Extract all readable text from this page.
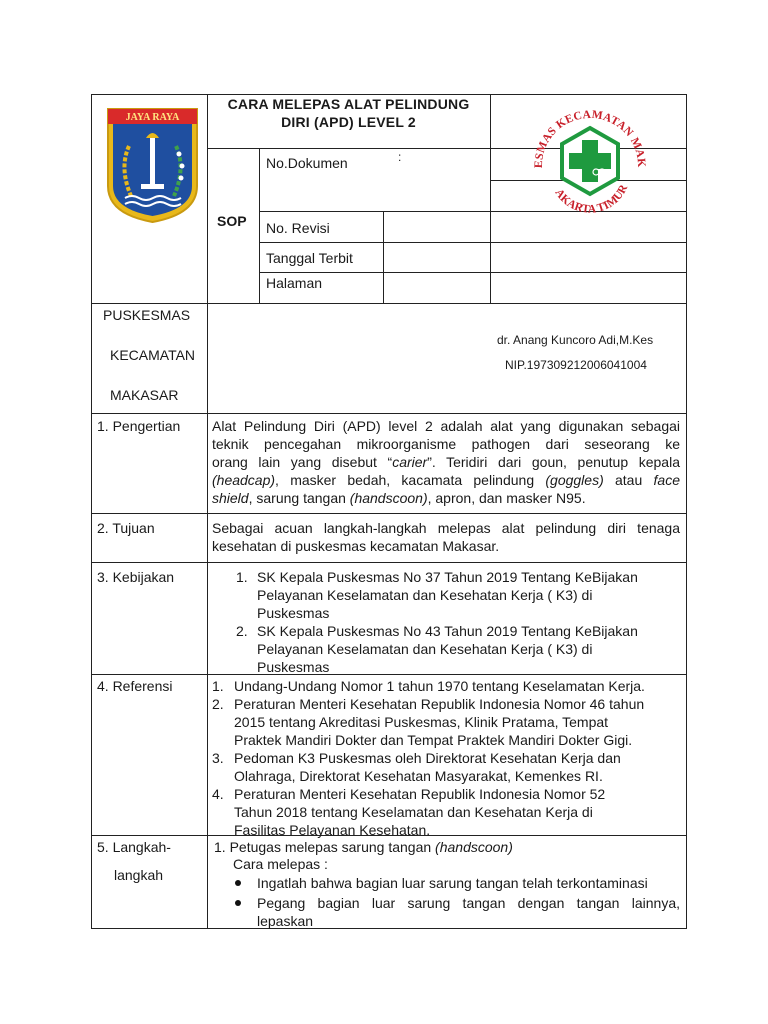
JAYA RAYA
CARA MELEPAS ALAT PELINDUNG
DIRI (APD) LEVEL 2
SOP
No.Dokumen	:
No. Revisi
Tanggal Terbit
Halaman
ESMAS KECAMATAN MAK
AKARTA TIMUR
PUSKESMAS
KECAMATAN
MAKASAR
dr. Anang Kuncoro Adi,M.Kes
NIP.197309212006041004
1. Pengertian Alat Pelindung Diri (APD) level 2 adalah alat yang digunakan sebagai
teknik pencegahan mikroorganisme pathogen dari seseorang ke
orang lain yang disebut “carier”. Teridiri dari goun, penutup kepala
(headcap), masker bedah, kacamata pelindung (goggles) atau face
shield, sarung tangan (handscoon), apron, dan masker N95.
2. Tujuan	Sebagai acuan langkah-langkah melepas alat pelindung diri tenaga
kesehatan di puskesmas kecamatan Makasar.
3. Kebijakan	1. SK Kepala Puskesmas No 37 Tahun 2019 Tentang KeBijakan
Pelayanan Keselamatan dan Kesehatan Kerja ( K3) di
Puskesmas
2. SK Kepala Puskesmas No 43 Tahun 2019 Tentang KeBijakan
Pelayanan Keselamatan dan Kesehatan Kerja ( K3) di
Puskesmas
4. Referensi	1. Undang-Undang Nomor 1 tahun 1970 tentang Keselamatan Kerja.
2. Peraturan Menteri Kesehatan Republik Indonesia Nomor 46 tahun
2015 tentang Akreditasi Puskesmas, Klinik Pratama, Tempat
Praktek Mandiri Dokter dan Tempat Praktek Mandiri Dokter Gigi.
3. Pedoman K3 Puskesmas oleh Direktorat Kesehatan Kerja dan
Olahraga, Direktorat Kesehatan Masyarakat, Kemenkes RI.
4. Peraturan Menteri Kesehatan Republik Indonesia Nomor 52
Tahun 2018 tentang Keselamatan dan Kesehatan Kerja di
Fasilitas Pelayanan Kesehatan.
5. Langkah-
langkah
1. Petugas melepas sarung tangan (handscoon)
Cara melepas :
Ingatlah bahwa bagian luar sarung tangan telah terkontaminasi
Pegang bagian luar sarung tangan dengan tangan lainnya,
lepaskan
